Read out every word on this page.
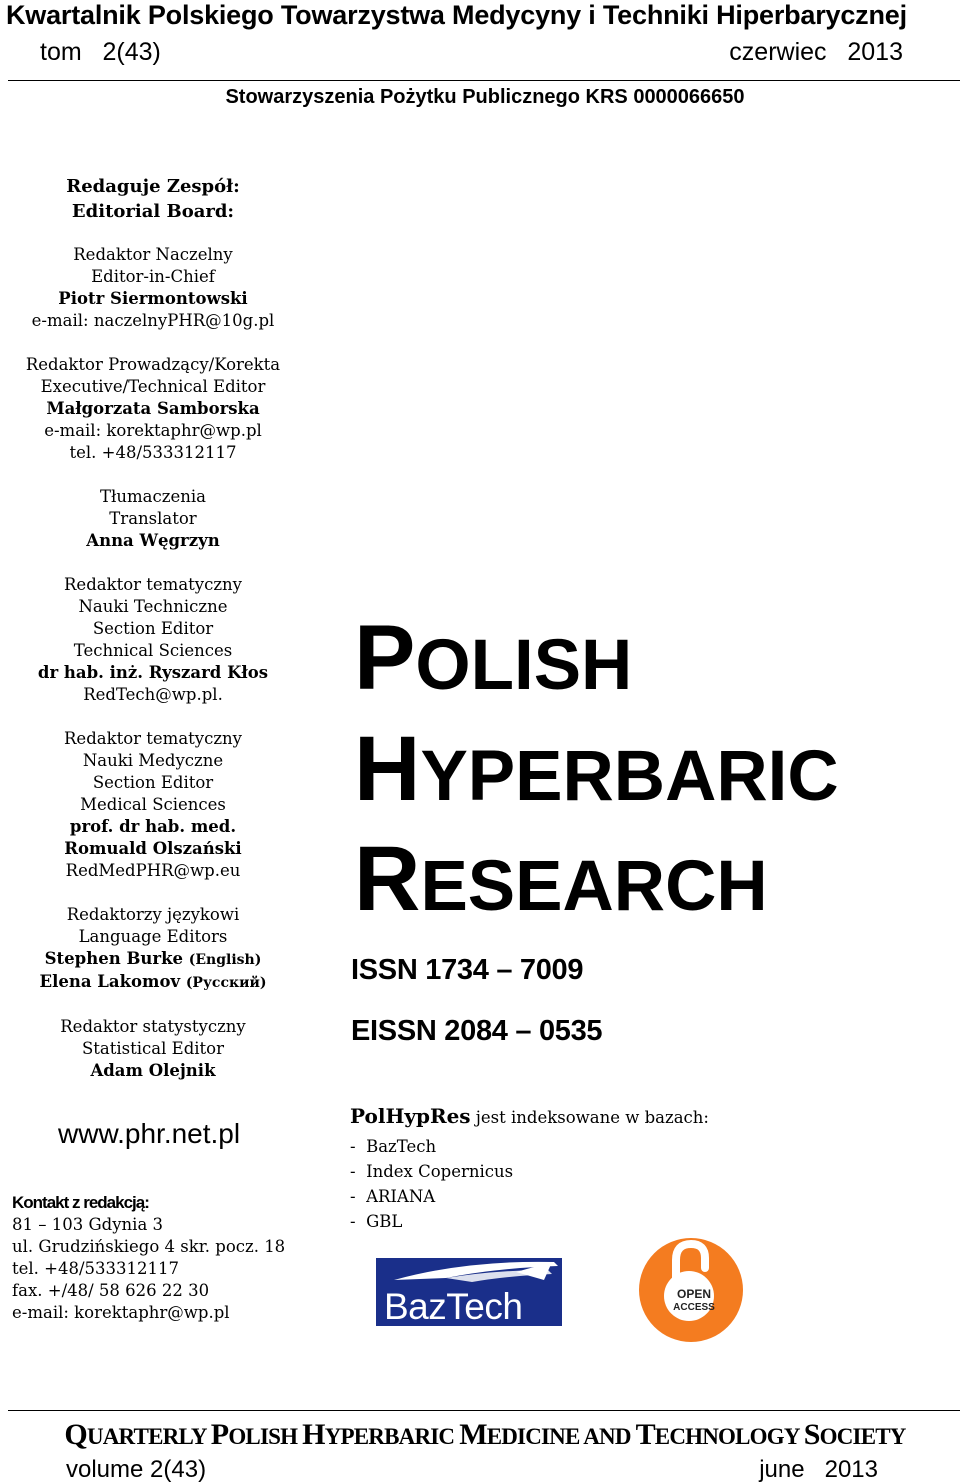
Kwartalnik Polskiego Towarzystwa Medycyny i Techniki Hiperbarycznej
tom   2(43)	czerwiec   2013
Stowarzyszenia Pożytku Publicznego KRS 0000066650
Redaguje Zespół:
Editorial Board:
Redaktor Naczelny
Editor-in-Chief
Piotr Siermontowski
e-mail: naczelnyPHR@10g.pl
Redaktor Prowadzący/Korekta
Executive/Technical Editor
Małgorzata Samborska
e-mail: korektaphr@wp.pl
tel. +48/533312117
Tłumaczenia
Translator
Anna Węgrzyn
Redaktor tematyczny
Nauki Techniczne
Section Editor
Technical Sciences
dr hab. inż. Ryszard Kłos
RedTech@wp.pl.
Redaktor tematyczny
Nauki Medyczne
Section Editor
Medical Sciences
prof. dr hab. med.
Romuald Olszański
RedMedPHR@wp.eu
Redaktorzy językowi
Language Editors
Stephen Burke (English)
Elena Lakomov (Русский)
Redaktor statystyczny
Statistical Editor
Adam Olejnik
www.phr.net.pl
Kontakt z redakcją:
81 – 103 Gdynia 3
ul. Grudzińskiego 4 skr. pocz. 18
tel. +48/533312117
fax. +/48/ 58 626 22 30
e-mail: korektaphr@wp.pl
POLISH
HYPERBARIC
RESEARCH
ISSN 1734 – 7009
EISSN 2084 – 0535
PolHypRes jest indeksowane w bazach:
-  BazTech
-  Index Copernicus
-  ARIANA
-  GBL
BazTech	OPEN
ACCESS
QUARTERLY POLISH HYPERBARIC MEDICINE AND TECHNOLOGY SOCIETY
volume 2(43)	june   2013
